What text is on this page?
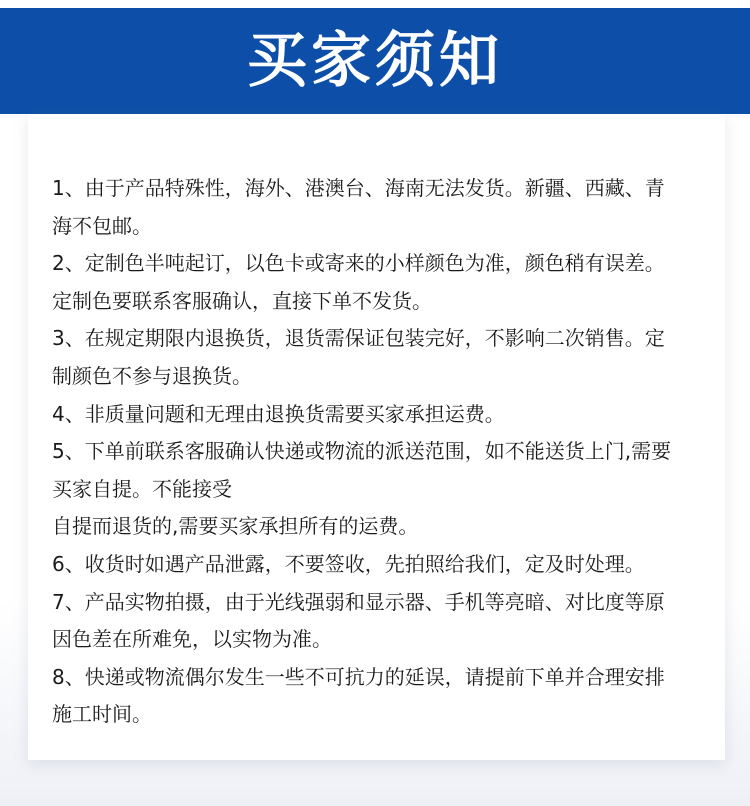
买家须知
1、由于产品特殊性，海外、港澳台、海南无法发货。新疆、西藏、青
海不包邮。
2、定制色半吨起订，以色卡或寄来的小样颜色为准，颜色稍有误差。
定制色要联系客服确认，直接下单不发货。
3、在规定期限内退换货，退货需保证包装完好，不影响二次销售。定
制颜色不参与退换货。
4、非质量问题和无理由退换货需要买家承担运费。
5、下单前联系客服确认快递或物流的派送范围，如不能送货上门,需要
买家自提。不能接受
自提而退货的,需要买家承担所有的运费。
6、收货时如遇产品泄露，不要签收，先拍照给我们，定及时处理。
7、产品实物拍摄，由于光线强弱和显示器、手机等亮暗、对比度等原
因色差在所难免，以实物为准。
8、快递或物流偶尔发生一些不可抗力的延误，请提前下单并合理安排
施工时间。
